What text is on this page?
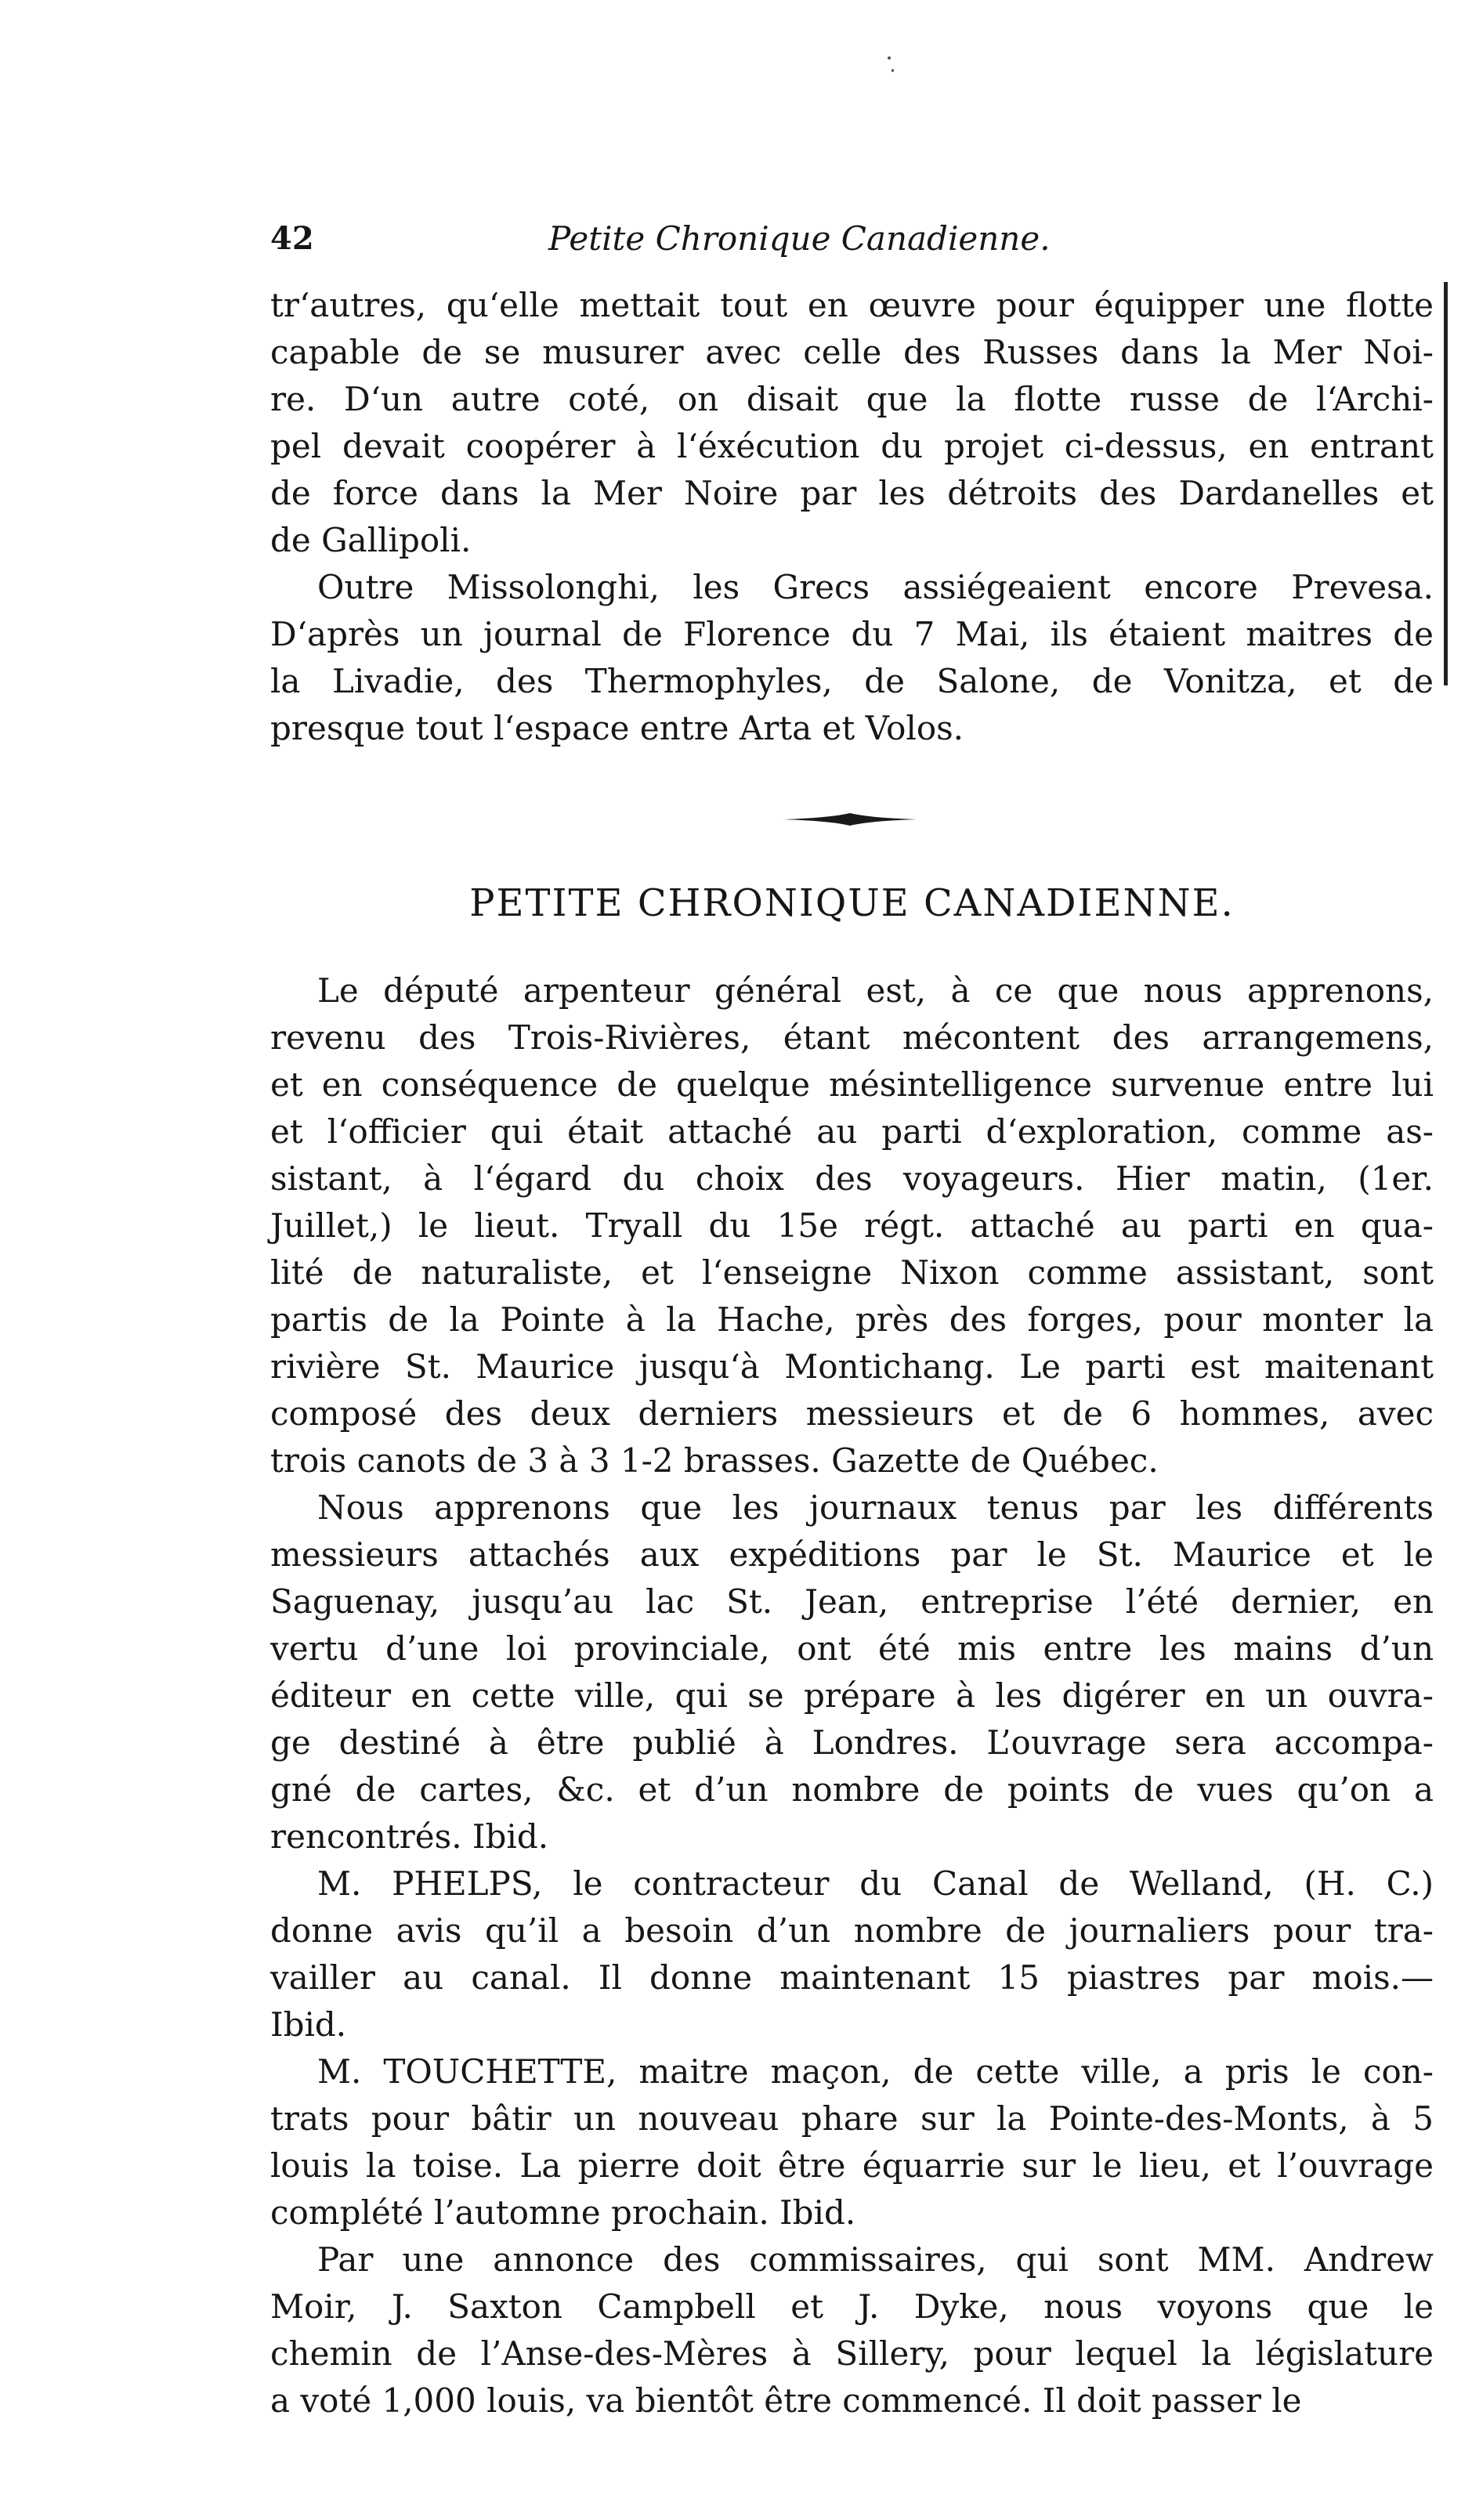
42	Petite Chronique Canadienne.
tr‘autres, qu‘elle mettait tout en œuvre pour équipper une flotte
capable de se musurer avec celle des Russes dans la Mer Noi-
re. D‘un autre coté, on disait que la flotte russe de l‘Archi-
pel devait coopérer à l‘éxécution du projet ci-dessus, en entrant
de force dans la Mer Noire par les détroits des Dardanelles et
de Gallipoli.
Outre Missolonghi, les Grecs assiégeaient encore Prevesa.
D‘après un journal de Florence du 7 Mai, ils étaient maitres de
la Livadie, des Thermophyles, de Salone, de Vonitza, et de
presque tout l‘espace entre Arta et Volos.
PETITE CHRONIQUE CANADIENNE.
Le député arpenteur général est, à ce que nous apprenons,
revenu des Trois-Rivières, étant mécontent des arrangemens,
et en conséquence de quelque mésintelligence survenue entre lui
et l‘officier qui était attaché au parti d‘exploration, comme as-
sistant, à l‘égard du choix des voyageurs. Hier matin, (1er.
Juillet,) le lieut. Tryall du 15e régt. attaché au parti en qua-
lité de naturaliste, et l‘enseigne Nixon comme assistant, sont
partis de la Pointe à la Hache, près des forges, pour monter la
rivière St. Maurice jusqu‘à Montichang. Le parti est maitenant
composé des deux derniers messieurs et de 6 hommes, avec
trois canots de 3 à 3 1-2 brasses. Gazette de Québec.
Nous apprenons que les journaux tenus par les différents
messieurs attachés aux expéditions par le St. Maurice et le
Saguenay, jusqu’au lac St. Jean, entreprise l’été dernier, en
vertu d’une loi provinciale, ont été mis entre les mains d’un
éditeur en cette ville, qui se prépare à les digérer en un ouvra-
ge destiné à être publié à Londres. L’ouvrage sera accompa-
gné de cartes, &c. et d’un nombre de points de vues qu’on a
rencontrés. Ibid.
M. PHELPS, le contracteur du Canal de Welland, (H. C.)
donne avis qu’il a besoin d’un nombre de journaliers pour tra-
vailler au canal. Il donne maintenant 15 piastres par mois.—
Ibid.
M. TOUCHETTE, maitre maçon, de cette ville, a pris le con-
trats pour bâtir un nouveau phare sur la Pointe-des-Monts, à 5
louis la toise. La pierre doit être équarrie sur le lieu, et l’ouvrage
complété l’automne prochain. Ibid.
Par une annonce des commissaires, qui sont MM. Andrew
Moir, J. Saxton Campbell et J. Dyke, nous voyons que le
chemin de l’Anse-des-Mères à Sillery, pour lequel la législature
a voté 1,000 louis, va bientôt être commencé. Il doit passer le
